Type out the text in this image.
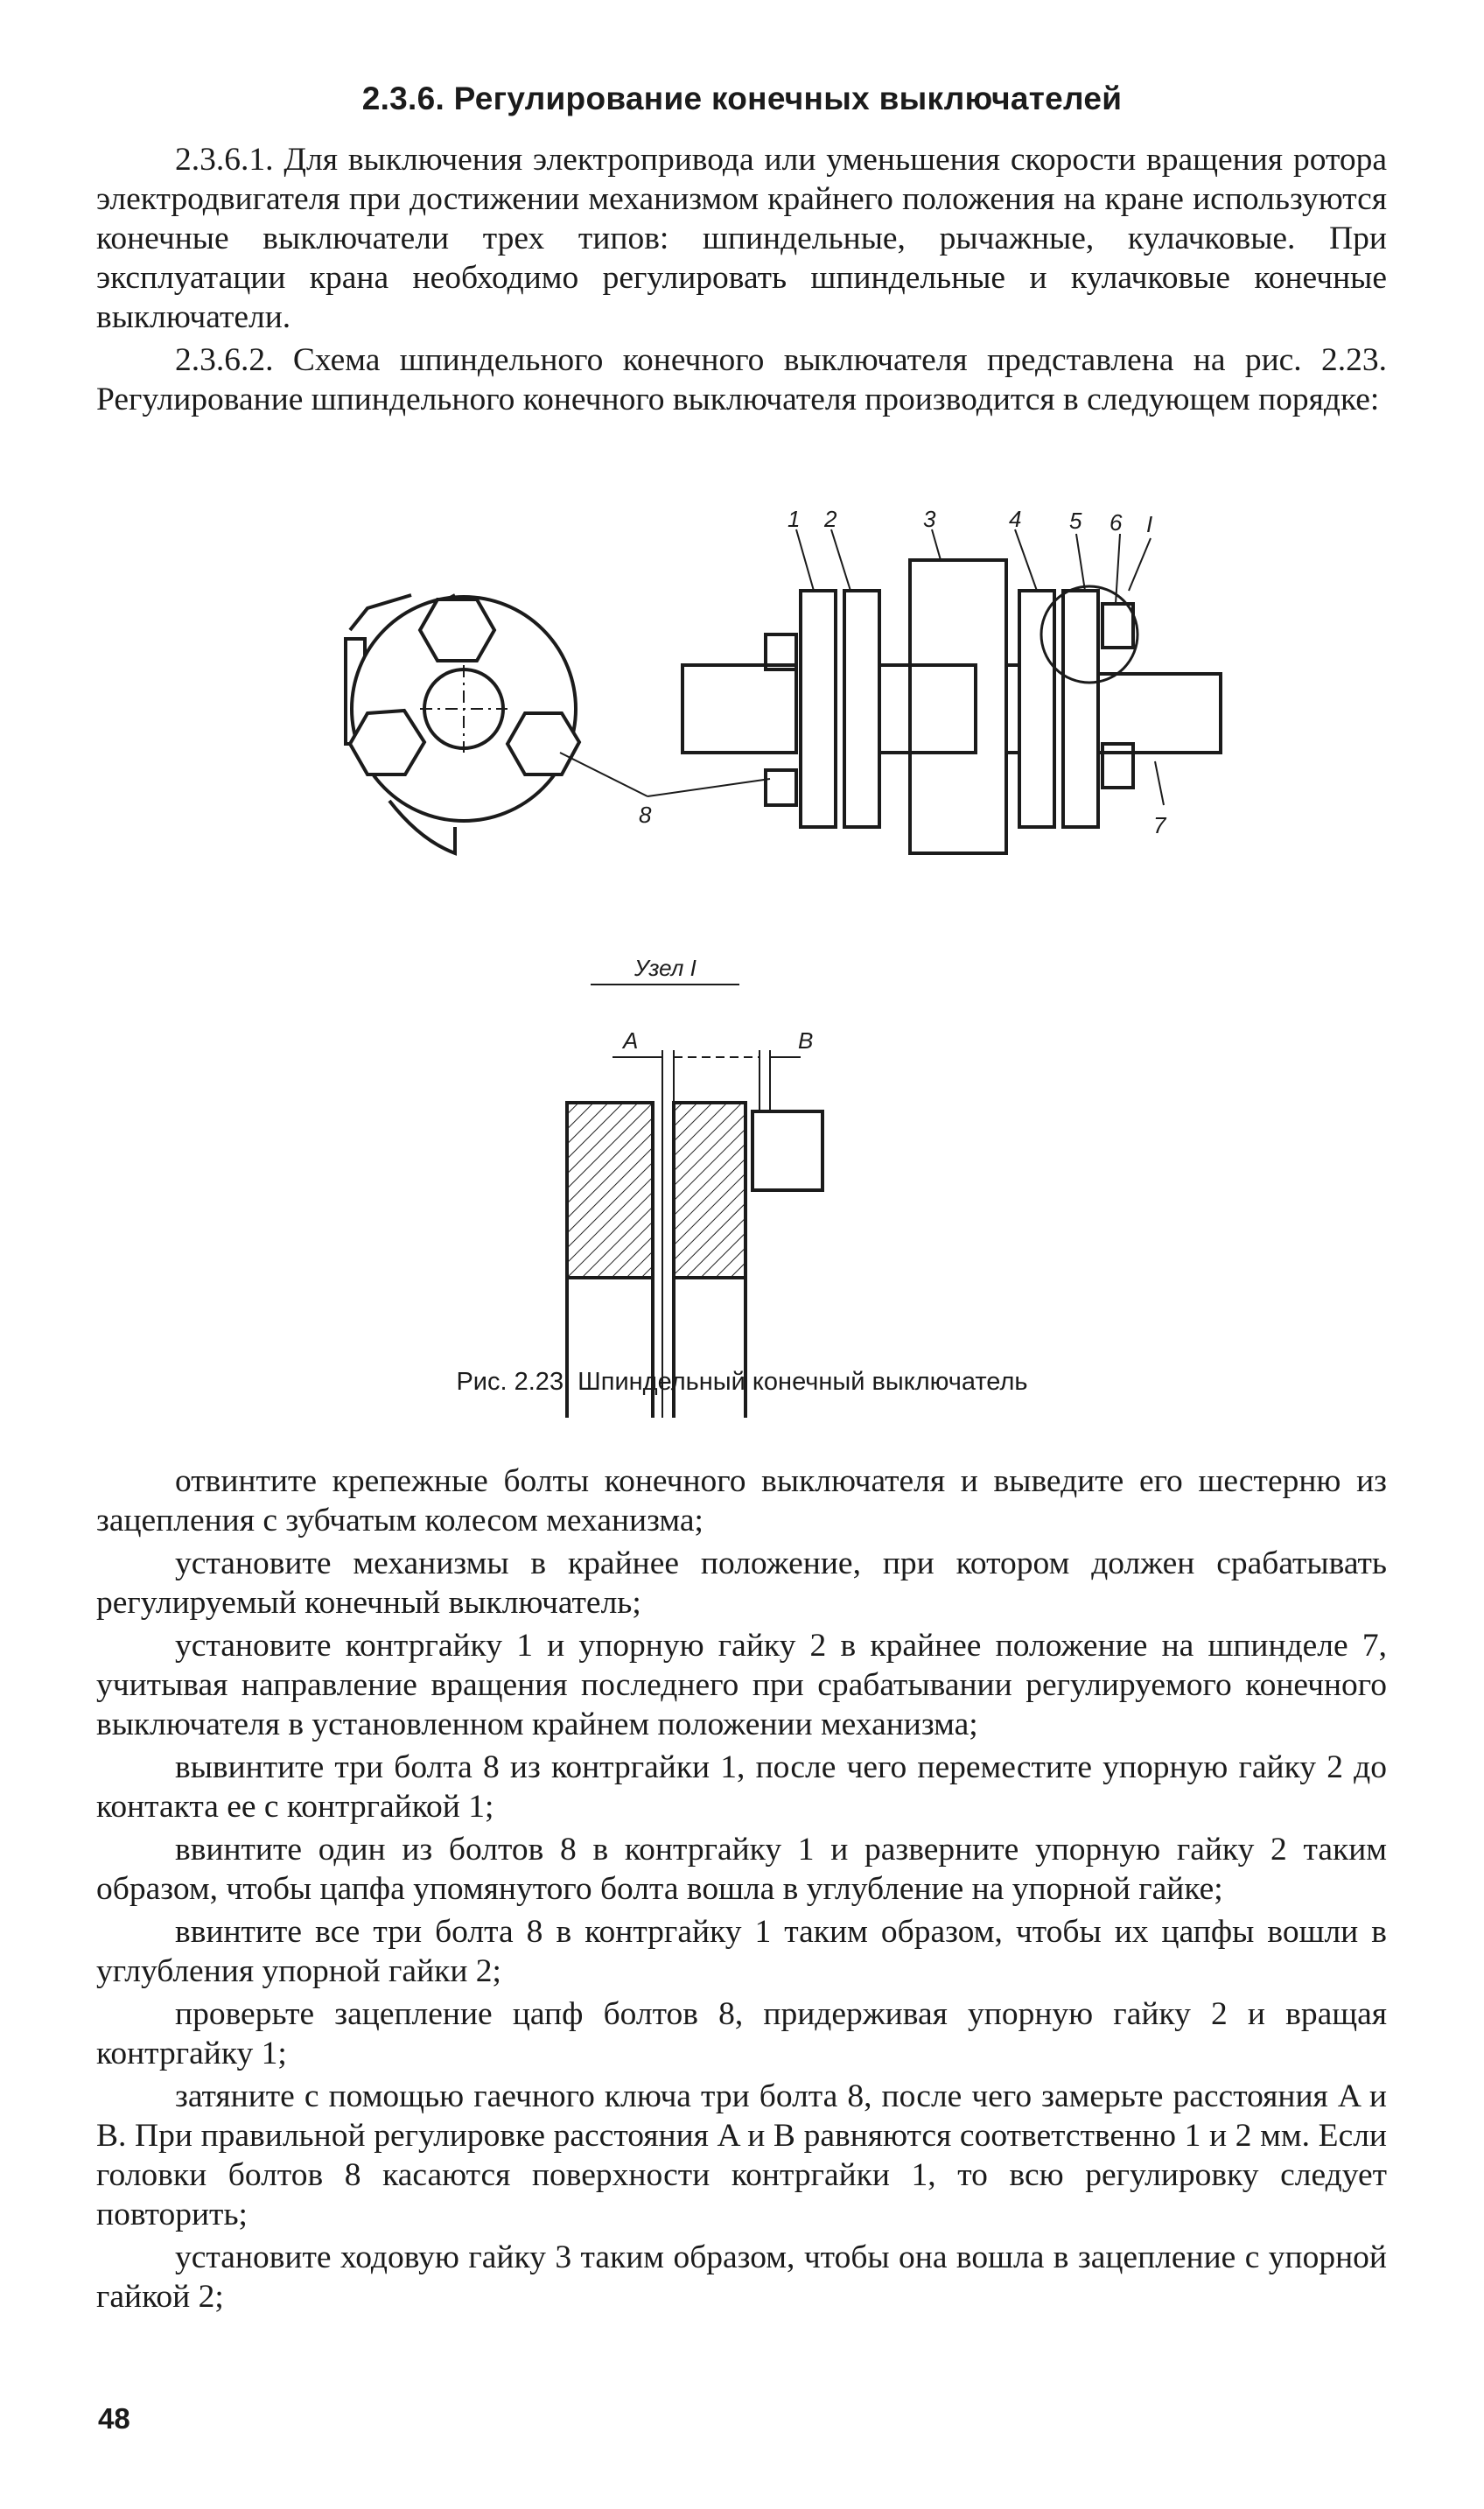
2.3.6. Регулирование конечных выключателей

2.3.6.1. Для выключения электропривода или уменьшения скорости вращения ротора электродвигателя при достижении механизмом крайнего положения на кране используются конечные выключатели трех типов: шпиндельные, рычажные, кулачковые. При эксплуатации крана необходимо регулировать шпиндельные и кулачковые конечные выключатели.

2.3.6.2. Схема шпиндельного конечного выключателя представлена на рис. 2.23. Регулирование шпиндельного конечного выключателя производится в следующем порядке:

1 2	3	4 5 6 I
7
8
Узел I
A	B
Рис. 2.23. Шпиндельный конечный выключатель

отвинтите крепежные болты конечного выключателя и выведите его шестерню из зацепления с зубчатым колесом механизма;

установите механизмы в крайнее положение, при котором должен срабатывать регулируемый конечный выключатель;

установите контргайку 1 и упорную гайку 2 в крайнее положение на шпинделе 7, учитывая направление вращения последнего при срабатывании регулируемого конечного выключателя в установленном крайнем положении механизма;

вывинтите три болта 8 из контргайки 1, после чего переместите упорную гайку 2 до контакта ее с контргайкой 1;

ввинтите один из болтов 8 в контргайку 1 и разверните упорную гайку 2 таким образом, чтобы цапфа упомянутого болта вошла в углубление на упорной гайке;

ввинтите все три болта 8 в контргайку 1 таким образом, чтобы их цапфы вошли в углубления упорной гайки 2;

проверьте зацепление цапф болтов 8, придерживая упорную гайку 2 и вращая контргайку 1;

затяните с помощью гаечного ключа три болта 8, после чего замерьте расстояния A и B. При правильной регулировке расстояния A и B равняются соответственно 1 и 2 мм. Если головки болтов 8 касаются поверхности контргайки 1, то всю регулировку следует повторить;

установите ходовую гайку 3 таким образом, чтобы она вошла в зацепление с упорной гайкой 2;

48
